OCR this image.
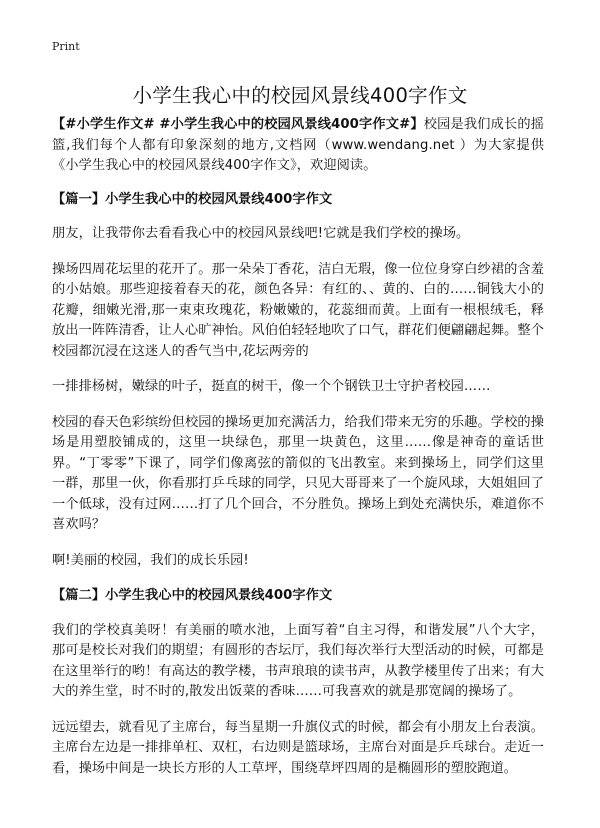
Print
小学生我心中的校园风景线400字作文

【#小学生作文# #小学生我心中的校园风景线400字作文#】校园是我们成长的摇篮,我们每个人都有印象深刻的地方,文档网（www.wendang.net ）为大家提供《小学生我心中的校园风景线400字作文》，欢迎阅读。

【篇一】小学生我心中的校园风景线400字作文

朋友，让我带你去看看我心中的校园风景线吧!它就是我们学校的操场。

操场四周花坛里的花开了。那一朵朵丁香花，洁白无瑕，像一位位身穿白纱裙的含羞的小姑娘。那些迎接着春天的花，颜色各异：有红的、、黄的、白的……铜钱大小的花瓣，细嫩光滑,那一束束玫瑰花，粉嫩嫩的，花蕊细而黄。上面有一根根绒毛，释放出一阵阵清香，让人心旷神怡。风伯伯轻轻地吹了口气，群花们便翩翩起舞。整个校园都沉浸在这迷人的香气当中,花坛两旁的

一排排杨树，嫩绿的叶子，挺直的树干，像一个个钢铁卫士守护者校园……

校园的春天色彩缤纷但校园的操场更加充满活力，给我们带来无穷的乐趣。学校的操场是用塑胶铺成的，这里一块绿色，那里一块黄色，这里……像是神奇的童话世界。“丁零零”下课了，同学们像离弦的箭似的飞出教室。来到操场上，同学们这里一群，那里一伙，你看那打乒乓球的同学，只见大哥哥来了一个旋风球，大姐姐回了一个低球，没有过网……打了几个回合，不分胜负。操场上到处充满快乐，难道你不喜欢吗？

啊!美丽的校园，我们的成长乐园!

【篇二】小学生我心中的校园风景线400字作文

我们的学校真美呀！有美丽的喷水池，上面写着“自主习得，和谐发展”八个大字，那可是校长对我们的期望；有圆形的杏坛厅，我们每次举行大型活动的时候，可都是在这里举行的哟！有高达的教学楼，书声琅琅的读书声，从教学楼里传了出来；有大大的养生堂，时不时的,散发出饭菜的香味……可我喜欢的就是那宽阔的操场了。

远远望去，就看见了主席台，每当星期一升旗仪式的时候，都会有小朋友上台表演。主席台左边是一排排单杠、双杠，右边则是篮球场，主席台对面是乒乓球台。走近一看，操场中间是一块长方形的人工草坪，围绕草坪四周的是椭圆形的塑胶跑道。
